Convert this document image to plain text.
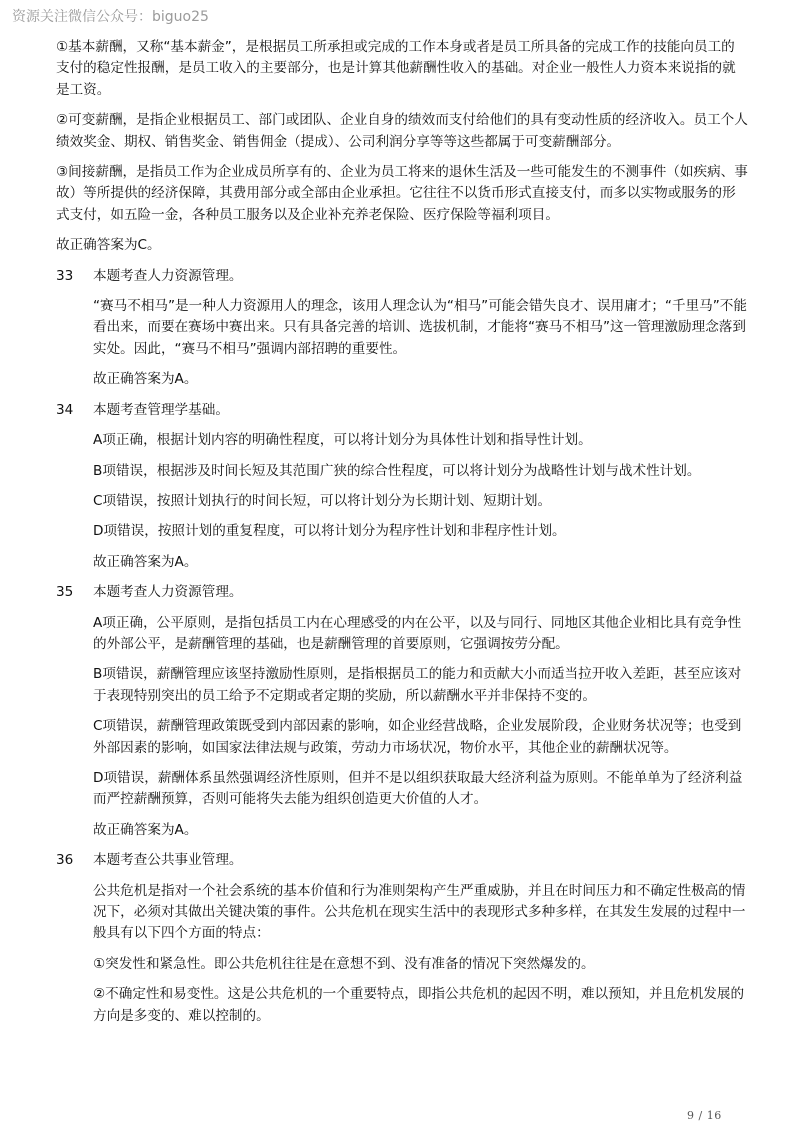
资源关注微信公众号：biguo25

①基本薪酬，又称“基本薪金”，是根据员工所承担或完成的工作本身或者是员工所具备的完成工作的技能向员工的支付的稳定性报酬，是员工收入的主要部分，也是计算其他薪酬性收入的基础。对企业一般性人力资本来说指的就是工资。

②可变薪酬，是指企业根据员工、部门或团队、企业自身的绩效而支付给他们的具有变动性质的经济收入。员工个人绩效奖金、期权、销售奖金、销售佣金（提成）、公司利润分享等等这些都属于可变薪酬部分。

③间接薪酬，是指员工作为企业成员所享有的、企业为员工将来的退休生活及一些可能发生的不测事件（如疾病、事故）等所提供的经济保障，其费用部分或全部由企业承担。它往往不以货币形式直接支付，而多以实物或服务的形式支付，如五险一金，各种员工服务以及企业补充养老保险、医疗保险等福利项目。

故正确答案为C。

33	本题考查人力资源管理。

“赛马不相马”是一种人力资源用人的理念，该用人理念认为“相马”可能会错失良才、误用庸才；“千里马”不能看出来，而要在赛场中赛出来。只有具备完善的培训、选拔机制，才能将“赛马不相马”这一管理激励理念落到实处。因此，“赛马不相马”强调内部招聘的重要性。

故正确答案为A。

34	本题考查管理学基础。

A项正确，根据计划内容的明确性程度，可以将计划分为具体性计划和指导性计划。

B项错误，根据涉及时间长短及其范围广狭的综合性程度，可以将计划分为战略性计划与战术性计划。

C项错误，按照计划执行的时间长短，可以将计划分为长期计划、短期计划。

D项错误，按照计划的重复程度，可以将计划分为程序性计划和非程序性计划。

故正确答案为A。

35	本题考查人力资源管理。

A项正确，公平原则，是指包括员工内在心理感受的内在公平，以及与同行、同地区其他企业相比具有竞争性的外部公平，是薪酬管理的基础，也是薪酬管理的首要原则，它强调按劳分配。

B项错误，薪酬管理应该坚持激励性原则，是指根据员工的能力和贡献大小而适当拉开收入差距，甚至应该对于表现特别突出的员工给予不定期或者定期的奖励，所以薪酬水平并非保持不变的。

C项错误，薪酬管理政策既受到内部因素的影响，如企业经营战略，企业发展阶段，企业财务状况等；也受到外部因素的影响，如国家法律法规与政策，劳动力市场状况，物价水平，其他企业的薪酬状况等。

D项错误，薪酬体系虽然强调经济性原则，但并不是以组织获取最大经济利益为原则。不能单单为了经济利益而严控薪酬预算，否则可能将失去能为组织创造更大价值的人才。

故正确答案为A。

36	本题考查公共事业管理。

公共危机是指对一个社会系统的基本价值和行为准则架构产生严重威胁，并且在时间压力和不确定性极高的情况下，必须对其做出关键决策的事件。公共危机在现实生活中的表现形式多种多样，在其发生发展的过程中一般具有以下四个方面的特点：

①突发性和紧急性。即公共危机往往是在意想不到、没有准备的情况下突然爆发的。

②不确定性和易变性。这是公共危机的一个重要特点，即指公共危机的起因不明，难以预知，并且危机发展的方向是多变的、难以控制的。

9 / 16
